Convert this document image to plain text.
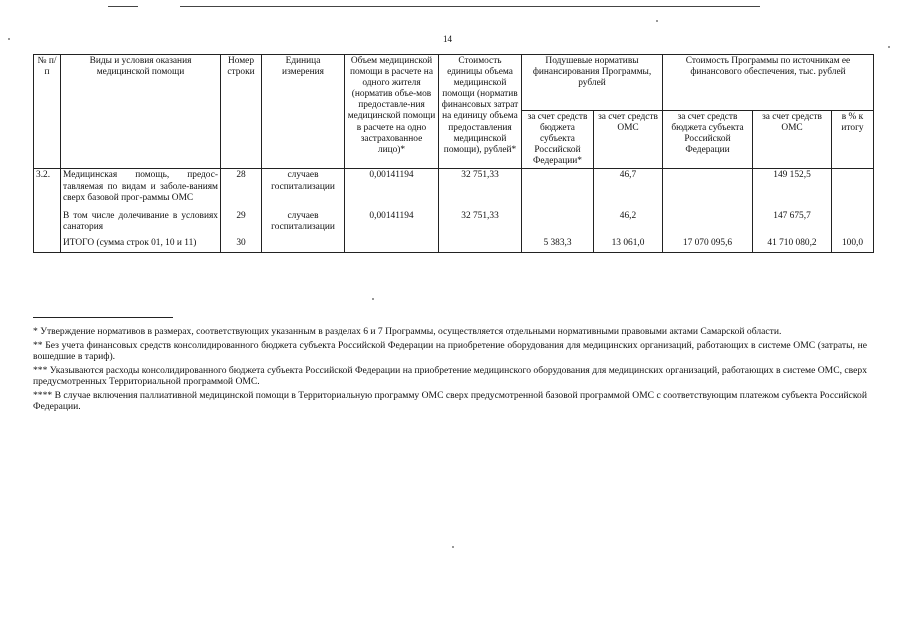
14
№ п/п	Виды и условия оказания медицинской помощи	Номер строки	Единица измерения	Объем медицинской помощи в расчете на одного жителя (норматив объе-мов предоставле-ния медицинской помощи в расчете на одно застрахованное лицо)*	Стоимость единицы объема медицинской помощи (норматив финансовых затрат на единицу объема предоставления медицинской помощи), рублей*	Подушевые нормативы финансирования Программы, рублей		Стоимость Программы по источникам ее финансового обеспечения, тыс. рублей		
						за счет средств бюджета субъекта Российской Федерации*	за счет средств ОМС	за счет средств бюджета субъекта Российской Федерации	за счет средств ОМС	в % к итогу
3.2.	Медицинская помощь, предос-тавляемая по видам и заболе-ваниям сверх базовой прог-раммы ОМС	28	случаев госпитализации	0,00141194	32 751,33		46,7		149 152,5	
	В том числе долечивание в условиях санатория	29	случаев госпитализации	0,00141194	32 751,33		46,2		147 675,7	
	ИТОГО (сумма строк 01, 10 и 11)	30				5 383,3	13 061,0	17 070 095,6	41 710 080,2	100,0

* Утверждение нормативов в размерах, соответствующих указанным в разделах 6 и 7 Программы, осуществляется отдельными нормативными правовыми актами Самарской области.

** Без учета финансовых средств консолидированного бюджета субъекта Российской Федерации на приобретение оборудования для медицинских организаций, работающих в системе ОМС (затраты, не вошедшие в тариф).

*** Указываются расходы консолидированного бюджета субъекта Российской Федерации на приобретение медицинского оборудования для медицинских организаций, работающих в системе ОМС, сверх предусмотренных Территориальной программой ОМС.

**** В случае включения паллиативной медицинской помощи в Территориальную программу ОМС сверх предусмотренной базовой программой ОМС с соответствующим платежом субъекта Российской Федерации.
